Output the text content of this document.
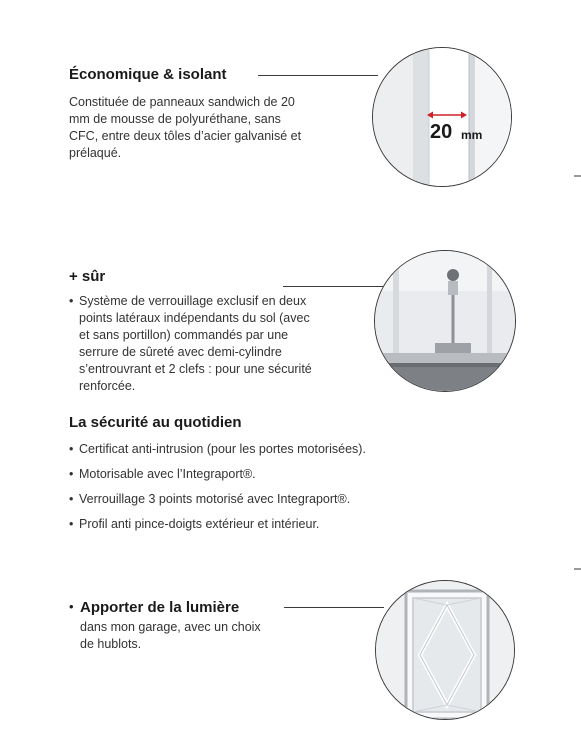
Économique & isolant
Constituée de panneaux sandwich de 20 mm de mousse de polyuréthane, sans CFC, entre deux tôles d’acier galvanisé et prélaqué.
20 mm
+ sûr
• Système de verrouillage exclusif en deux points latéraux indépendants du sol (avec et sans portillon) commandés par une serrure de sûreté avec demi-cylindre s’entrouvrant et 2 clefs : pour une sécurité renforcée.
La sécurité au quotidien
• Certificat anti-intrusion (pour les portes motorisées).
• Motorisable avec l’Integraport®.
• Verrouillage 3 points motorisé avec Integraport®.
• Profil anti pince-doigts extérieur et intérieur.
• Apporter de la lumière
dans mon garage, avec un choix de hublots.
